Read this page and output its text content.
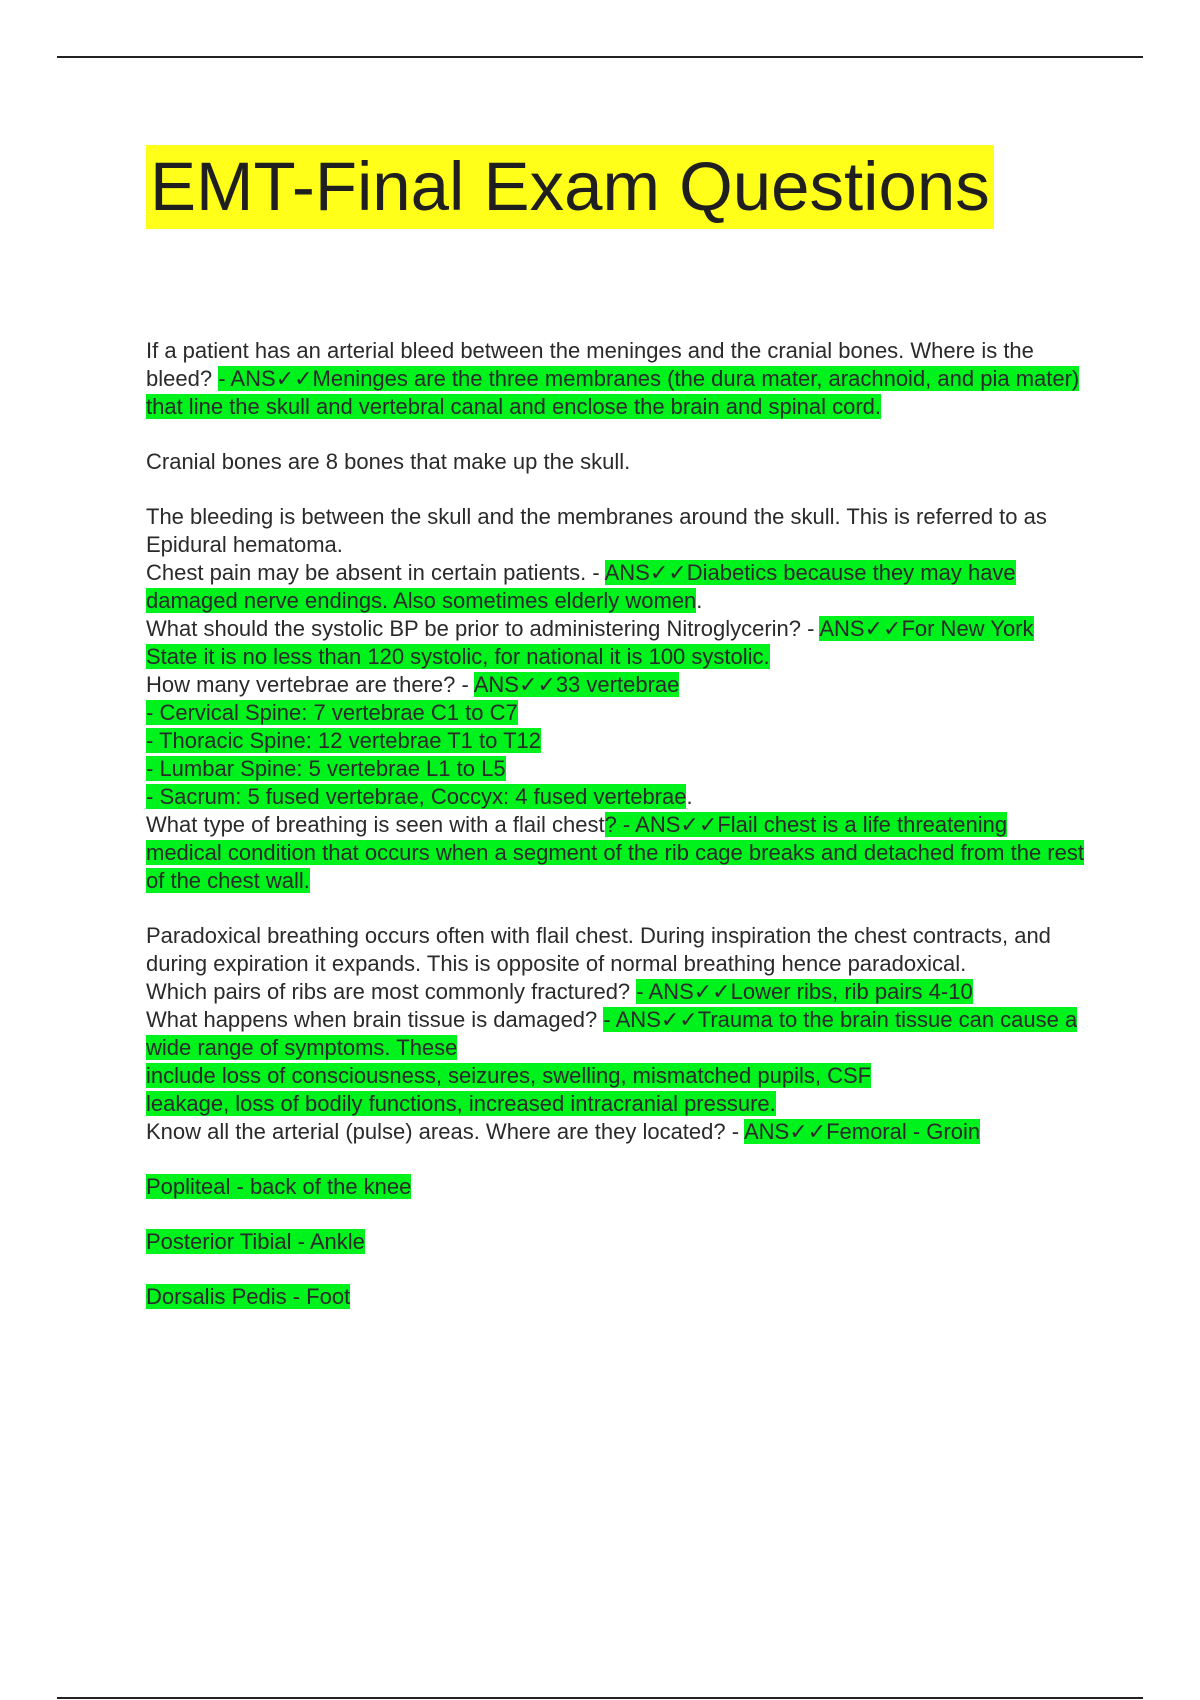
EMT-Final Exam Questions

If a patient has an arterial bleed between the meninges and the cranial bones. Where is the bleed? - ANS✓✓Meninges are the three membranes (the dura mater, arachnoid, and pia mater) that line the skull and vertebral canal and enclose the brain and spinal cord.

Cranial bones are 8 bones that make up the skull.

The bleeding is between the skull and the membranes around the skull. This is referred to as Epidural hematoma.

Chest pain may be absent in certain patients. - ANS✓✓Diabetics because they may have damaged nerve endings. Also sometimes elderly women.

What should the systolic BP be prior to administering Nitroglycerin? - ANS✓✓For New York State it is no less than 120 systolic, for national it is 100 systolic.

How many vertebrae are there? - ANS✓✓33 vertebrae

- Cervical Spine: 7 vertebrae C1 to C7

- Thoracic Spine: 12 vertebrae T1 to T12

- Lumbar Spine: 5 vertebrae L1 to L5

- Sacrum: 5 fused vertebrae, Coccyx: 4 fused vertebrae.

What type of breathing is seen with a flail chest? - ANS✓✓Flail chest is a life threatening medical condition that occurs when a segment of the rib cage breaks and detached from the rest of the chest wall.

Paradoxical breathing occurs often with flail chest. During inspiration the chest contracts, and during expiration it expands. This is opposite of normal breathing hence paradoxical.

Which pairs of ribs are most commonly fractured? - ANS✓✓Lower ribs, rib pairs 4-10

What happens when brain tissue is damaged? - ANS✓✓Trauma to the brain tissue can cause a wide range of symptoms. These

include loss of consciousness, seizures, swelling, mismatched pupils, CSF

leakage, loss of bodily functions, increased intracranial pressure.

Know all the arterial (pulse) areas. Where are they located? - ANS✓✓Femoral - Groin

Popliteal - back of the knee

Posterior Tibial - Ankle

Dorsalis Pedis - Foot
